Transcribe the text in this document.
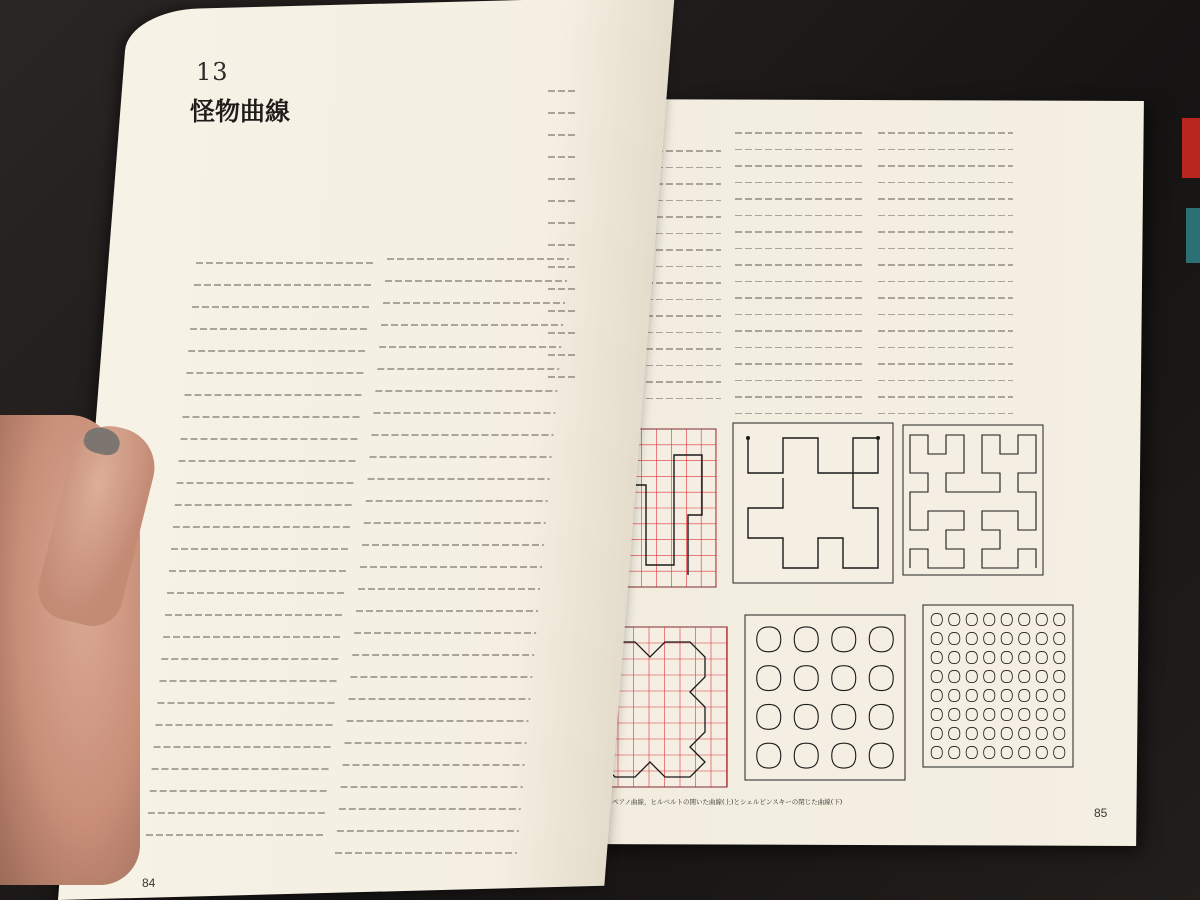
ペアノ曲線，ヒルベルトの開いた曲線(上)とシェルピンスキーの閉じた曲線(下)
85
13
怪物曲線
84
